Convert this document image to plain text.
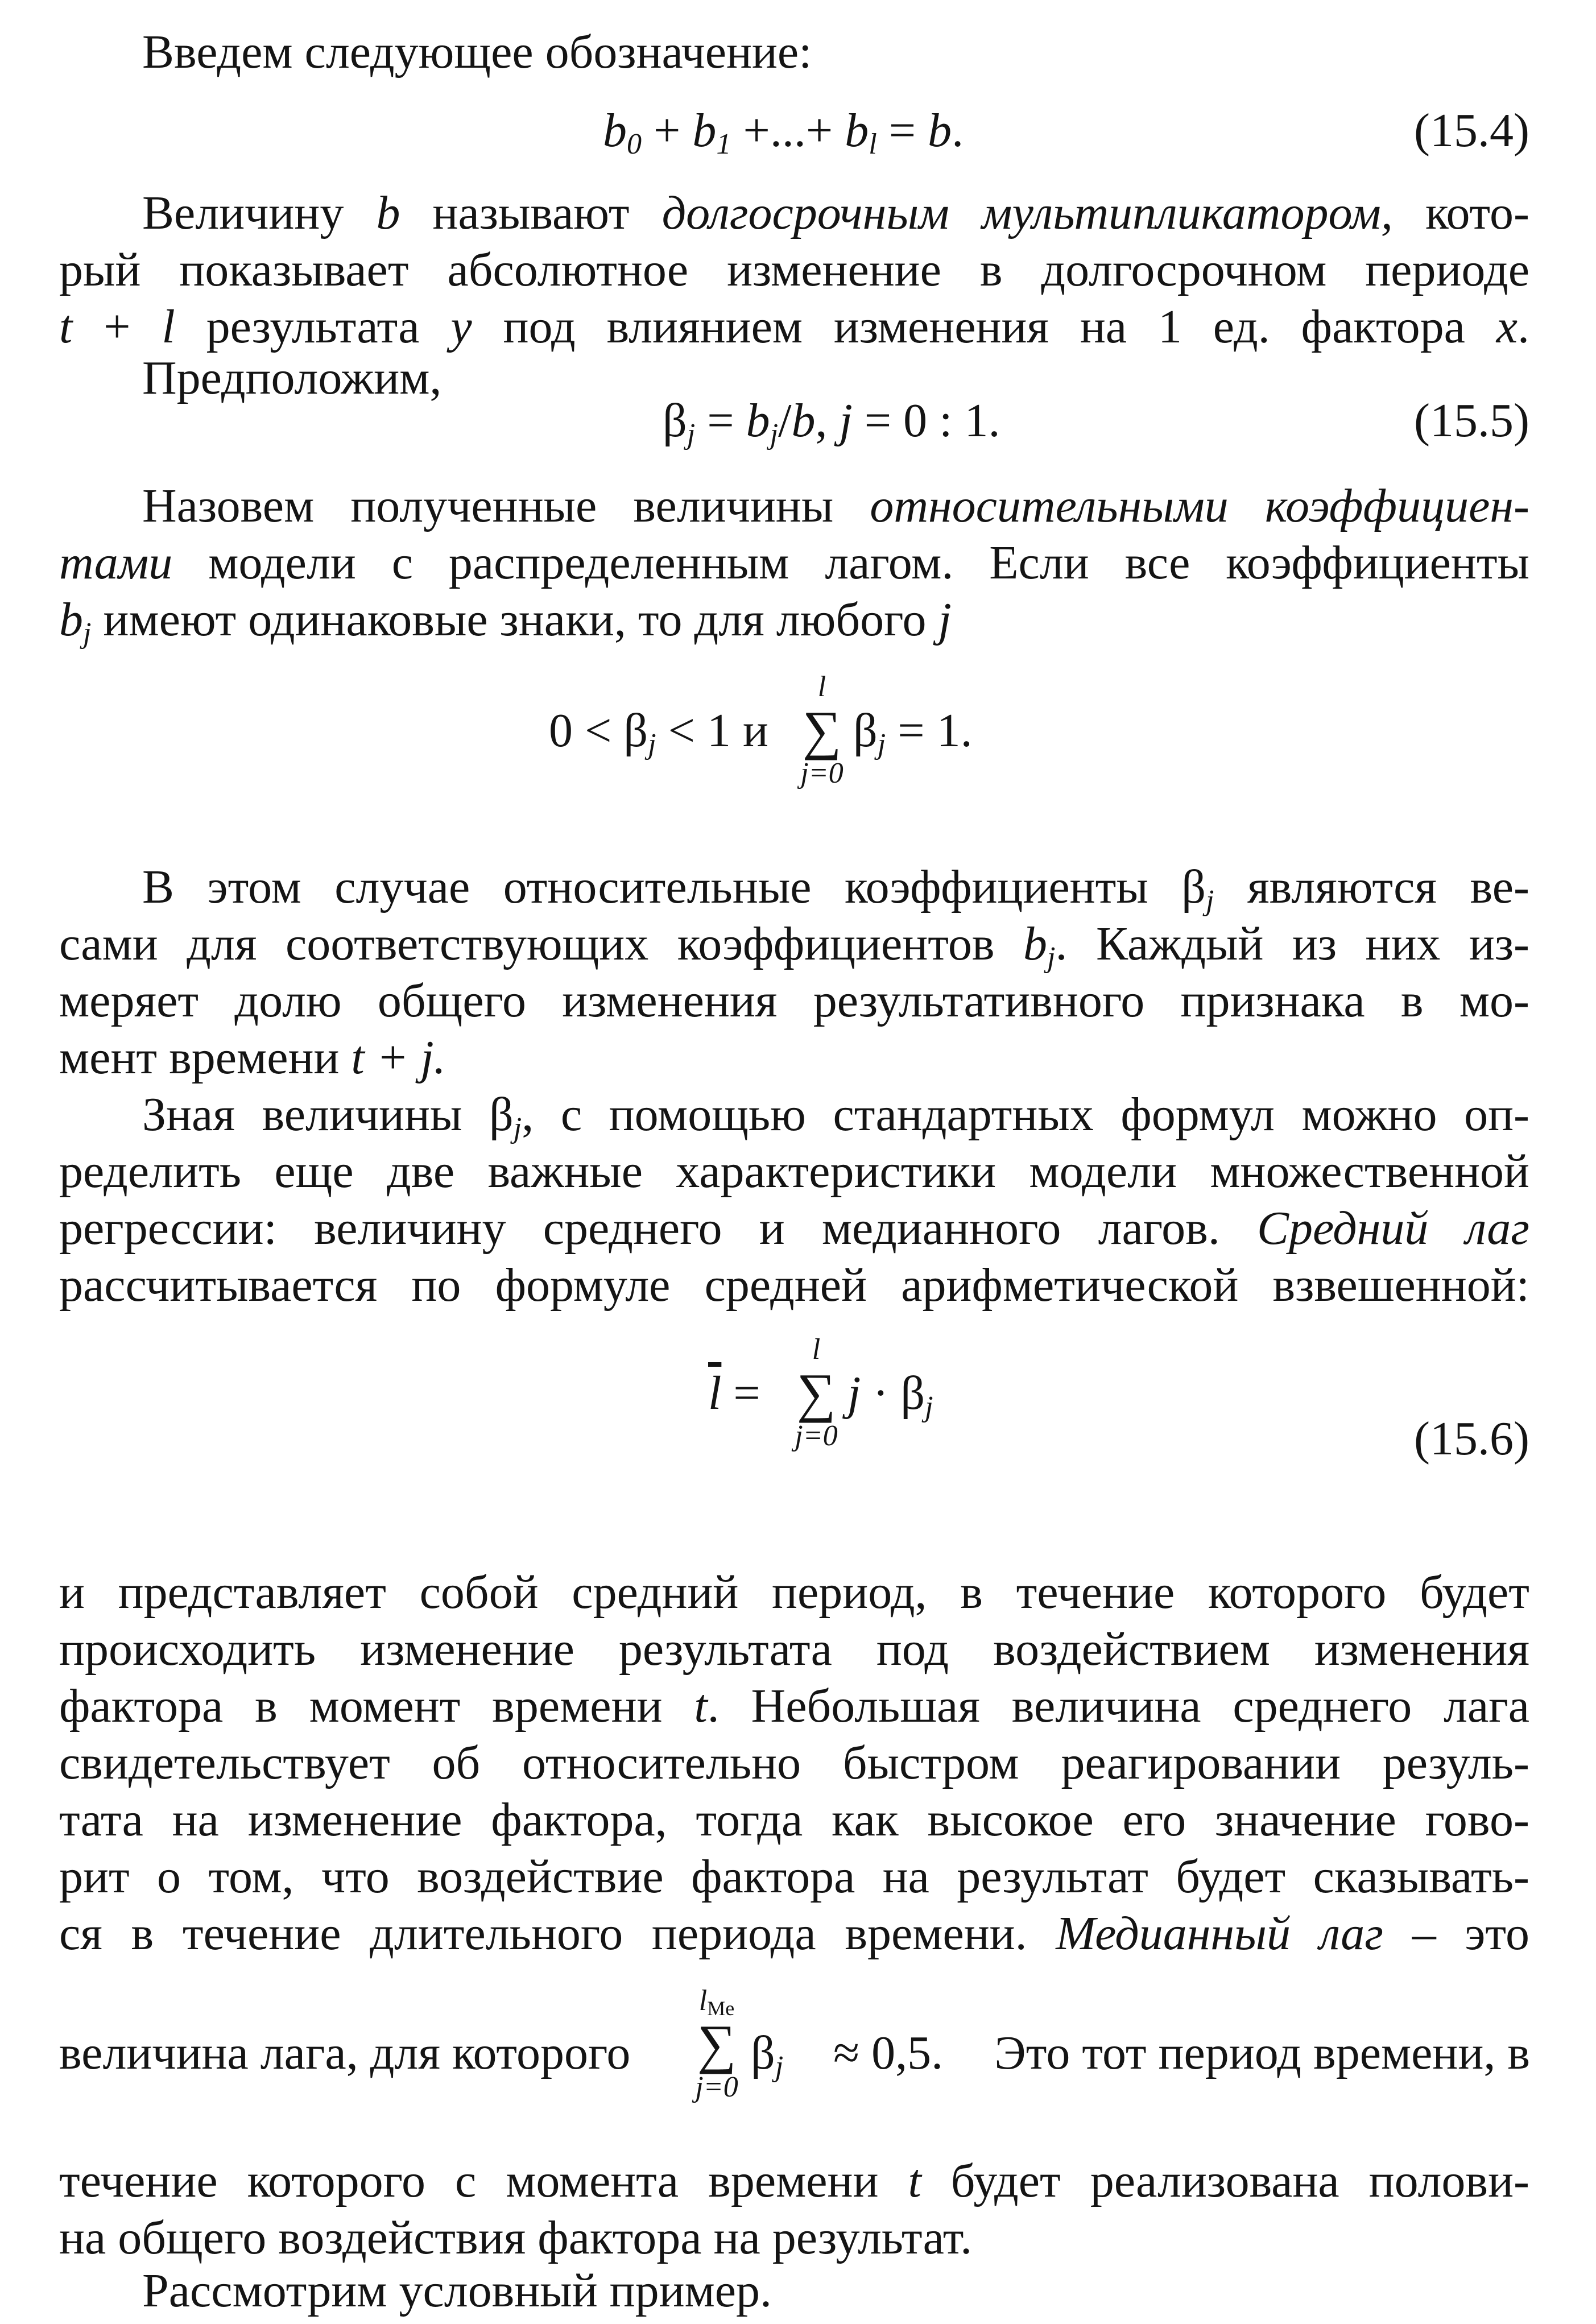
Введем следующее обозначение:
$b_0 + b_1$ +...+ $b_l = b$.	(15.4)
Величину b называют долгосрочным мультипликатором, кото-
рый показывает абсолютное изменение в долгосрочном периоде
t + l результата y под влиянием изменения на 1 ед. фактора x.
Предположим,
$\beta_j = b_j/b$, j = 0 : 1.	(15.5)
Назовем полученные величины относительными коэффициен-
тами модели с распределенным лагом. Если все коэффициенты
$b_j$ имеют одинаковые знаки, то для любого j
$0 < \beta_j < 1$ и
l
∑
j=0
$\beta_j = 1$.
В этом случае относительные коэффициенты $\beta_j$ являются ве-
сами для соответствующих коэффициентов $b_j$. Каждый из них из-
меряет долю общего изменения результативного признака в мо-
мент времени t + j.
Зная величины $\beta_j$, с помощью стандартных формул можно оп-
ределить еще две важные характеристики модели множественной
регрессии: величину среднего и медианного лагов. Средний лаг
рассчитывается по формуле средней арифметической взвешенной:
$\overline{l}$ =
l
∑
j=0
$j \cdot \beta_j$
(15.6)
и представляет собой средний период, в течение которого будет
происходить изменение результата под воздействием изменения
фактора в момент времени t. Небольшая величина среднего лага
свидетельствует об относительно быстром реагировании резуль-
тата на изменение фактора, тогда как высокое его значение гово-
рит о том, что воздействие фактора на результат будет сказывать-
ся в течение длительного периода времени. Медианный лаг – это
величина лага, для которого
$l_{Me}$
∑
j=0
$\beta_j \approx 0,5$.	Это тот период времени, в
течение которого с момента времени t будет реализована полови-
на общего воздействия фактора на результат.
Рассмотрим условный пример.
